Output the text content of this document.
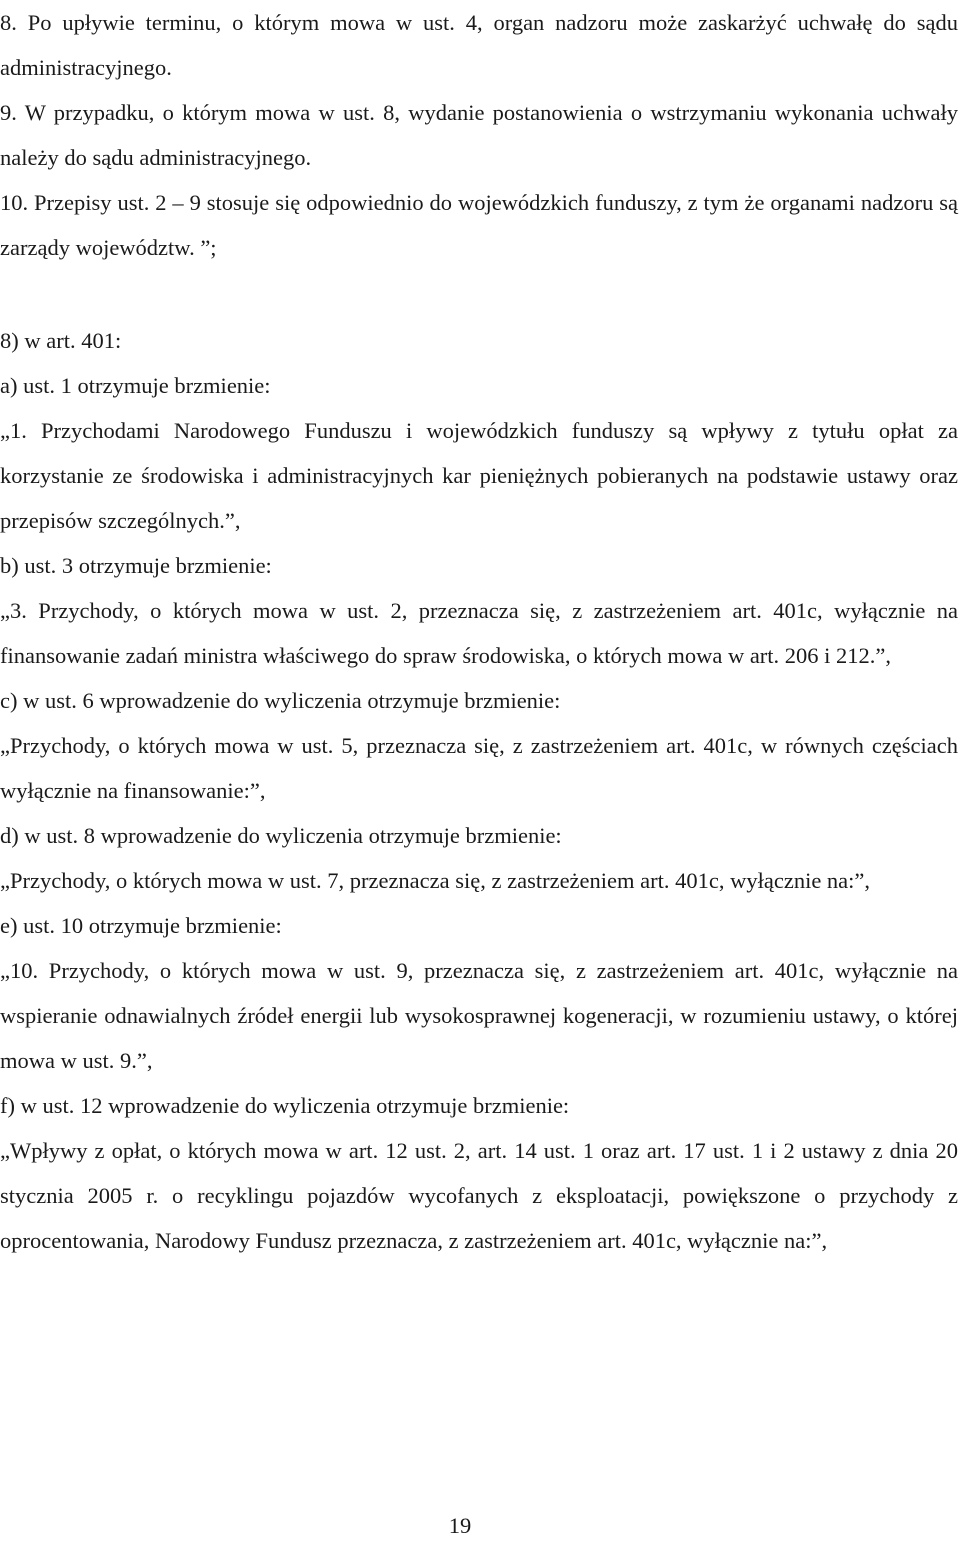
8. Po upływie terminu, o którym mowa w ust. 4, organ nadzoru może zaskarżyć uchwałę do sądu administracyjnego.

9. W przypadku, o którym mowa w ust. 8, wydanie postanowienia o wstrzymaniu wykonania uchwały należy do sądu administracyjnego.

10. Przepisy ust. 2 – 9 stosuje się odpowiednio do wojewódzkich funduszy, z tym że organami nadzoru są zarządy województw. ”;

8) w art. 401:

a) ust. 1 otrzymuje brzmienie:

„1. Przychodami Narodowego Funduszu i wojewódzkich funduszy są wpływy z tytułu opłat za korzystanie ze środowiska i administracyjnych kar pieniężnych pobieranych na podstawie ustawy oraz przepisów szczególnych.”,

b) ust. 3 otrzymuje brzmienie:

„3. Przychody, o których mowa w ust. 2, przeznacza się, z zastrzeżeniem art. 401c, wyłącznie na finansowanie zadań ministra właściwego do spraw środowiska, o których mowa w art. 206 i 212.”,

c) w ust. 6 wprowadzenie do wyliczenia otrzymuje brzmienie:

„Przychody, o których mowa w ust. 5, przeznacza się, z zastrzeżeniem art. 401c, w równych częściach wyłącznie na finansowanie:”,

d) w ust. 8 wprowadzenie do wyliczenia otrzymuje brzmienie:

„Przychody, o których mowa w ust. 7, przeznacza się, z zastrzeżeniem art. 401c, wyłącznie na:”,

e) ust. 10 otrzymuje brzmienie:

„10. Przychody, o których mowa w ust. 9, przeznacza się, z zastrzeżeniem art. 401c, wyłącznie na wspieranie odnawialnych źródeł energii lub wysokosprawnej kogeneracji, w rozumieniu ustawy, o której mowa w ust. 9.”,

f) w ust. 12 wprowadzenie do wyliczenia otrzymuje brzmienie:

„Wpływy z opłat, o których mowa w art. 12 ust. 2, art. 14 ust. 1 oraz art. 17 ust. 1 i 2 ustawy z dnia 20 stycznia 2005 r. o recyklingu pojazdów wycofanych z eksploatacji, powiększone o przychody z oprocentowania, Narodowy Fundusz przeznacza, z zastrzeżeniem art. 401c, wyłącznie na:”,

19
